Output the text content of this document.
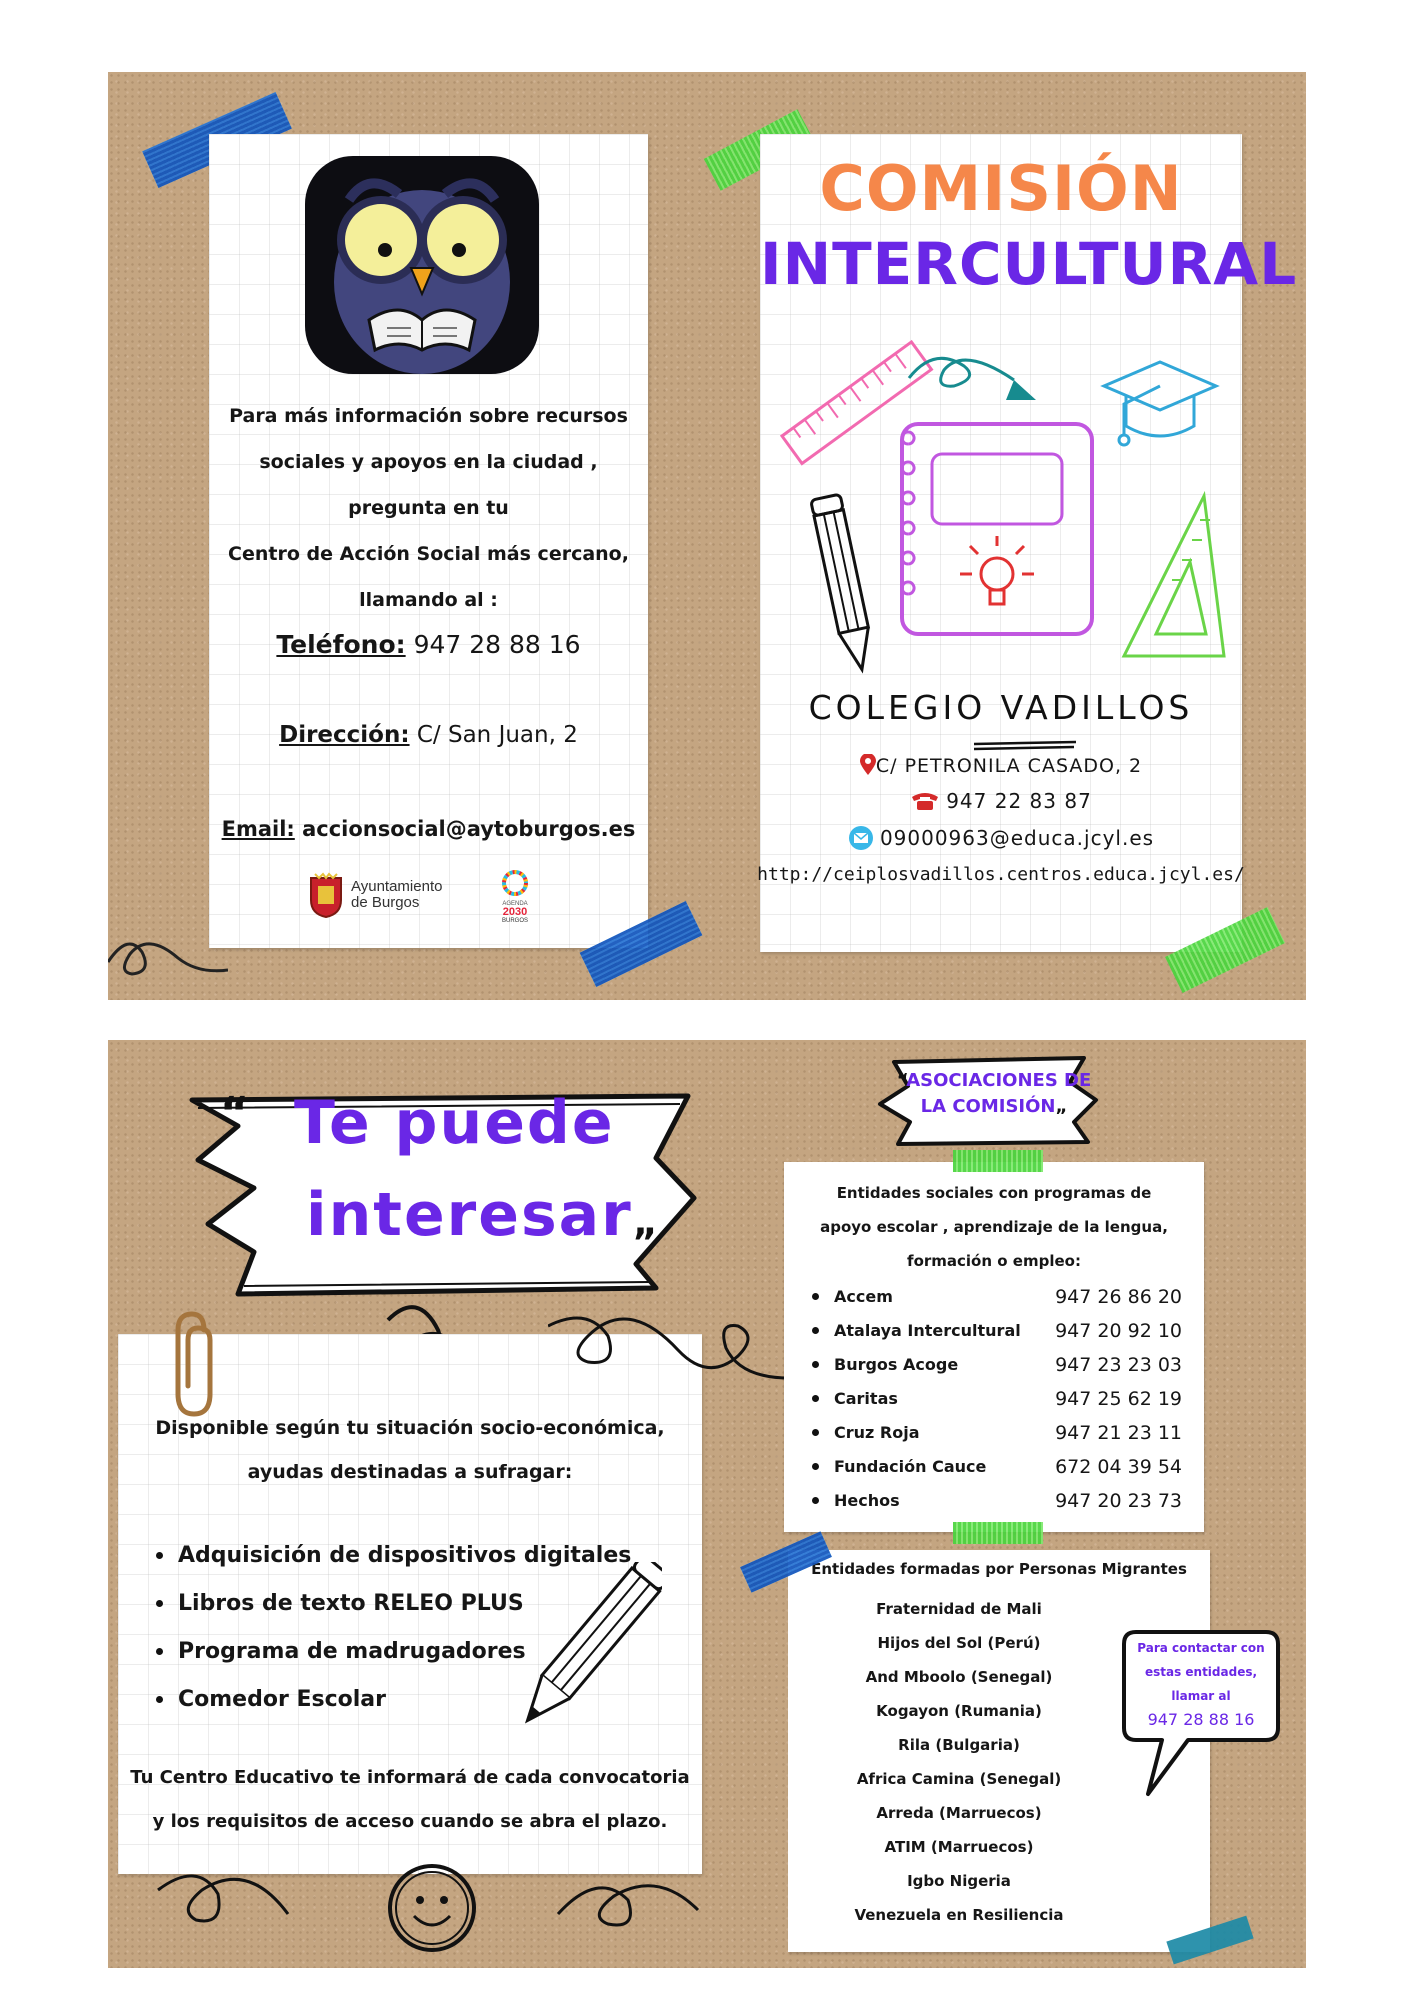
Para más información sobre recursos
sociales y apoyos en la ciudad ,
pregunta en tu
Centro de Acción Social más cercano,
llamando al :
Teléfono: 947 28 88 16
Dirección: C/ San Juan, 2
Email: accionsocial@aytoburgos.es
Ayuntamiento
de Burgos	AGENDA
2030
BURGOS
COMISIÓN
INTERCULTURAL
COLEGIO VADILLOS
C/ PETRONILA CASADO, 2
947 22 83 87
09000963@educa.jcyl.es
http://ceiplosvadillos.centros.educa.jcyl.es/
“ Te puede
interesar„
Disponible según tu situación socio-económica,
ayudas destinadas a sufragar:
Adquisición de dispositivos digitales
Libros de texto RELEO PLUS
Programa de madrugadores
Comedor Escolar
Tu Centro Educativo te informará de cada convocatoria
y los requisitos de acceso cuando se abra el plazo.
“ASOCIACIONES DE
LA COMISIÓN„
Entidades sociales con programas de
apoyo escolar , aprendizaje de la lengua,
formación o empleo:
Accem	947 26 86 20
Atalaya Intercultural 947 20 92 10
Burgos Acoge	947 23 23 03
Caritas	947 25 62 19
Cruz Roja	947 21 23 11
Fundación Cauce	672 04 39 54
Hechos	947 20 23 73
Entidades formadas por Personas Migrantes
Fraternidad de Mali
Hijos del Sol (Perú)
And Mboolo (Senegal)
Kogayon (Rumania)
Rila (Bulgaria)
Africa Camina (Senegal)
Arreda (Marruecos)
ATIM (Marruecos)
Igbo Nigeria
Venezuela en Resiliencia
Para contactar con
estas entidades,
llamar al
947 28 88 16
